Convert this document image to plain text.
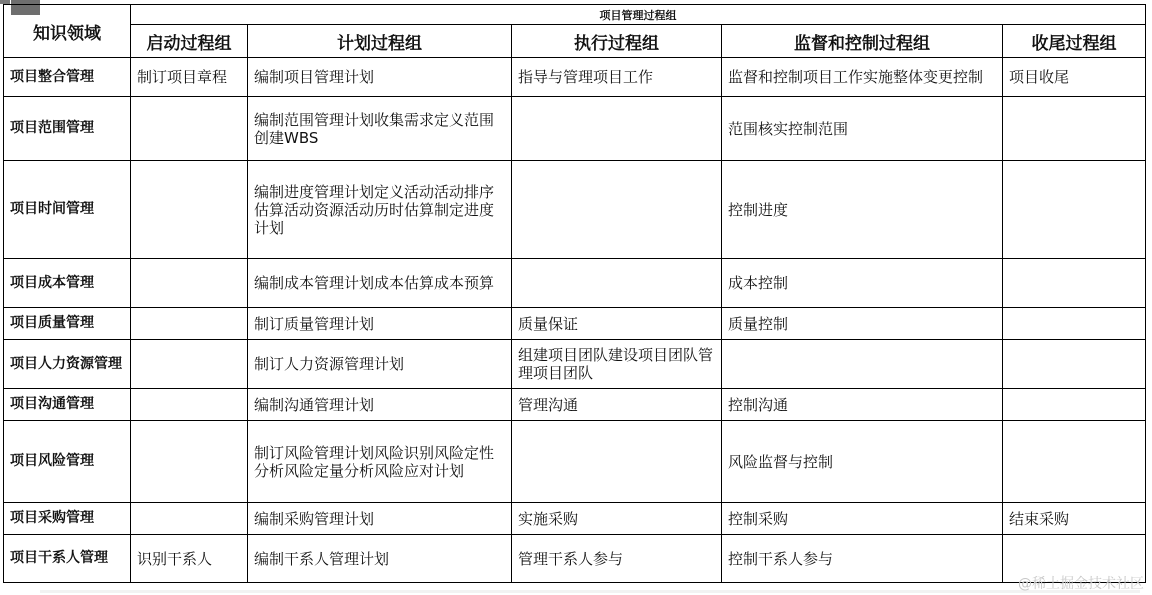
知识领域	项目管理过程组				
	启动过程组	计划过程组	执行过程组	监督和控制过程组	收尾过程组
项目整合管理	制订项目章程	编制项目管理计划	指导与管理项目工作	监督和控制项目工作实施整体变更控制	项目收尾
项目范围管理		编制范围管理计划收集需求定义范围创建WBS		范围核实控制范围	
项目时间管理		编制进度管理计划定义活动活动排序估算活动资源活动历时估算制定进度计划		控制进度	
项目成本管理		编制成本管理计划成本估算成本预算		成本控制	
项目质量管理		制订质量管理计划	质量保证	质量控制	
项目人力资源管理		制订人力资源管理计划	组建项目团队建设项目团队管理项目团队		
项目沟通管理		编制沟通管理计划	管理沟通	控制沟通	
项目风险管理		制订风险管理计划风险识别风险定性分析风险定量分析风险应对计划		风险监督与控制	
项目采购管理		编制采购管理计划	实施采购	控制采购	结束采购
项目干系人管理	识别干系人	编制干系人管理计划	管理干系人参与	控制干系人参与	
@稀土掘金技术社区
